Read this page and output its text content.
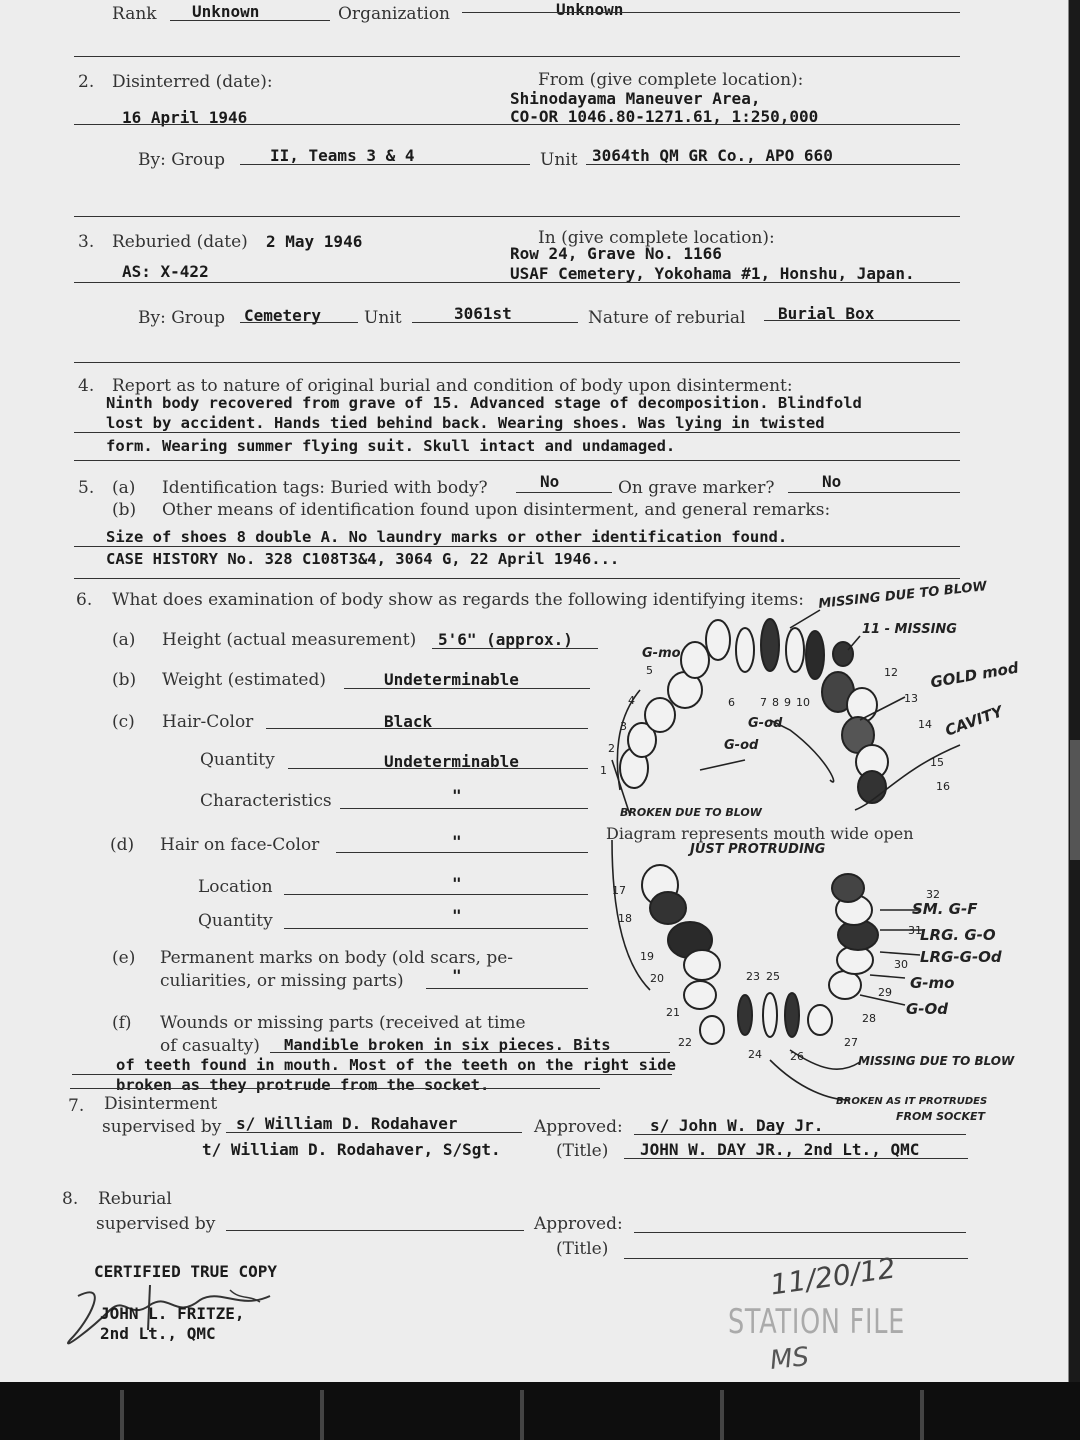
Rank Unknown	Organization	Unknown
2. Disinterred (date):	From (give complete location):
Shinodayama Maneuver Area,
16 April 1946	CO-OR 1046.80-1271.61, 1:250,000
By: Group	II, Teams 3 & 4	Unit 3064th QM GR Co., APO 660
3. Reburied (date) 2 May 1946	In (give complete location):
Row 24, Grave No. 1166
AS: X-422	USAF Cemetery, Yokohama #1, Honshu, Japan.
By: Group Cemetery	Unit	3061st	Nature of reburial Burial Box
4. Report as to nature of original burial and condition of body upon disinterment:
Ninth body recovered from grave of 15. Advanced stage of decomposition. Blindfold
lost by accident. Hands tied behind back. Wearing shoes. Was lying in twisted
form. Wearing summer flying suit. Skull intact and undamaged.
5. (a) Identification tags: Buried with body?	No	On grave marker?	No
(b) Other means of identification found upon disinterment, and general remarks:
Size of shoes 8 double A. No laundry marks or other identification found.
CASE HISTORY No. 328 C108T3&4, 3064 G, 22 April 1946...
6. What does examination of body show as regards the following identifying items:
(a) Height (actual measurement) 5'6" (approx.)
(b) Weight (estimated)	Undeterminable
(c) Hair-Color	Black
Quantity	Undeterminable
Characteristics	"
(d) Hair on face-Color	"
Location	"
Quantity	"
(e) Permanent marks on body (old scars, pe-
culiarities, or missing parts)	"
(f) Wounds or missing parts (received at time
of casualty) Mandible broken in six pieces. Bits
of teeth found in mouth. Most of the teeth on the right side
broken as they protrude from the socket.
G-mo
MISSING DUE TO BLOW
11 - MISSING
GOLD mod
CAVITY
G-od
G-od
BROKEN DUE TO BLOW
Diagram represents mouth wide open
JUST PROTRUDING
SM. G-F
LRG. G-O
LRG-G-Od
G-mo
G-Od
MISSING DUE TO BLOW
BROKEN AS IT PROTRUDES
FROM SOCKET
1
2
3
4
5
6 7 8 9 10
12
13
14
15
16
17
18
19
20
21
22
23
24
25
26
27
28
29
30
31
32
7. Disinterment
supervised by s/ William D. Rodahaver
t/ William D. Rodahaver, S/Sgt.
Approved: s/ John W. Day Jr.
(Title) JOHN W. DAY JR., 2nd Lt., QMC
8. Reburial
supervised by	Approved:
(Title)
CERTIFIED TRUE COPY
JOHN L. FRITZE,
2nd Lt., QMC
11/20/12
STATION FILE
MS
